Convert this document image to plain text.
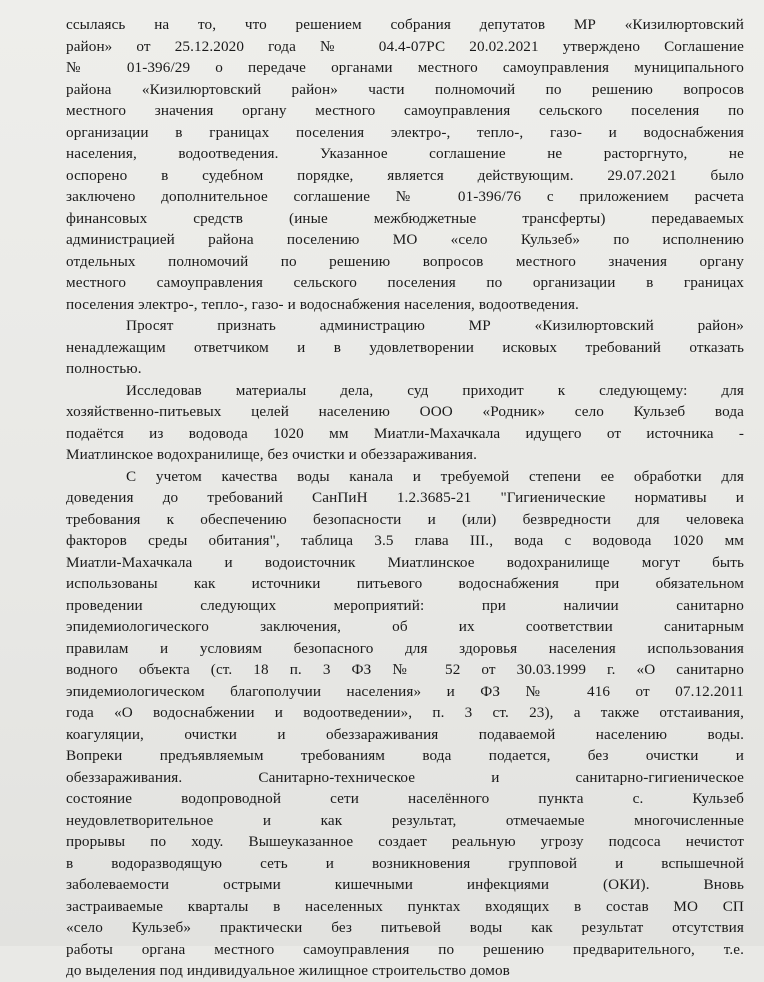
ссылаясь на то, что решением собрания депутатов МР «Кизилюртовский
район» от 25.12.2020 года № 04.4-07РС 20.02.2021 утверждено Соглашение
№ 01-396/29 о передаче органами местного самоуправления муниципального
района «Кизилюртовский район» части полномочий по решению вопросов
местного значения органу местного самоуправления сельского поселения по
организации в границах поселения электро-, тепло-, газо- и водоснабжения
населения, водоотведения. Указанное соглашение не расторгнуто, не
оспорено в судебном порядке, является действующим. 29.07.2021 было
заключено дополнительное соглашение № 01-396/76 с приложением расчета
финансовых средств (иные межбюджетные трансферты) передаваемых
администрацией района поселению МО «село Кульзеб» по исполнению
отдельных полномочий по решению вопросов местного значения органу
местного самоуправления сельского поселения по организации в границах
поселения электро-, тепло-, газо- и водоснабжения населения, водоотведения.
Просят признать администрацию МР «Кизилюртовский район»
ненадлежащим ответчиком и в удовлетворении исковых требований отказать
полностью.
Исследовав материалы дела, суд приходит к следующему: для
хозяйственно-питьевых целей населению ООО «Родник» село Кульзеб вода
подаётся из водовода 1020 мм Миатли-Махачкала идущего от источника -
Миатлинское водохранилище, без очистки и обеззараживания.
С учетом качества воды канала и требуемой степени ее обработки для
доведения до требований СанПиН 1.2.3685-21 "Гигиенические нормативы и
требования к обеспечению безопасности и (или) безвредности для человека
факторов среды обитания", таблица 3.5 глава III., вода с водовода 1020 мм
Миатли-Махачкала и водоисточник Миатлинское водохранилище могут быть
использованы как источники питьевого водоснабжения при обязательном
проведении следующих мероприятий: при наличии санитарно
эпидемиологического заключения, об их соответствии санитарным
правилам и условиям безопасного для здоровья населения использования
водного объекта (ст. 18 п. 3 ФЗ № 52 от 30.03.1999 г. «О санитарно
эпидемиологическом благополучии населения» и ФЗ № 416 от 07.12.2011
года «О водоснабжении и водоотведении», п. 3 ст. 23), а также отстаивания,
коагуляции, очистки и обеззараживания подаваемой населению воды.
Вопреки предъявляемым требованиям вода подается, без очистки и
обеззараживания. Санитарно-техническое и санитарно-гигиеническое
состояние водопроводной сети населённого пункта с. Кульзеб
неудовлетворительное и как результат, отмечаемые многочисленные
прорывы по ходу. Вышеуказанное создает реальную угрозу подсоса нечистот
в водоразводящую сеть и возникновения групповой и вспышечной
заболеваемости острыми кишечными инфекциями (ОКИ). Вновь
застраиваемые кварталы в населенных пунктах входящих в состав МО СП
«село Кульзеб» практически без питьевой воды как результат отсутствия
работы органа местного самоуправления по решению предварительного, т.е.
до выделения под индивидуальное жилищное строительство домов
